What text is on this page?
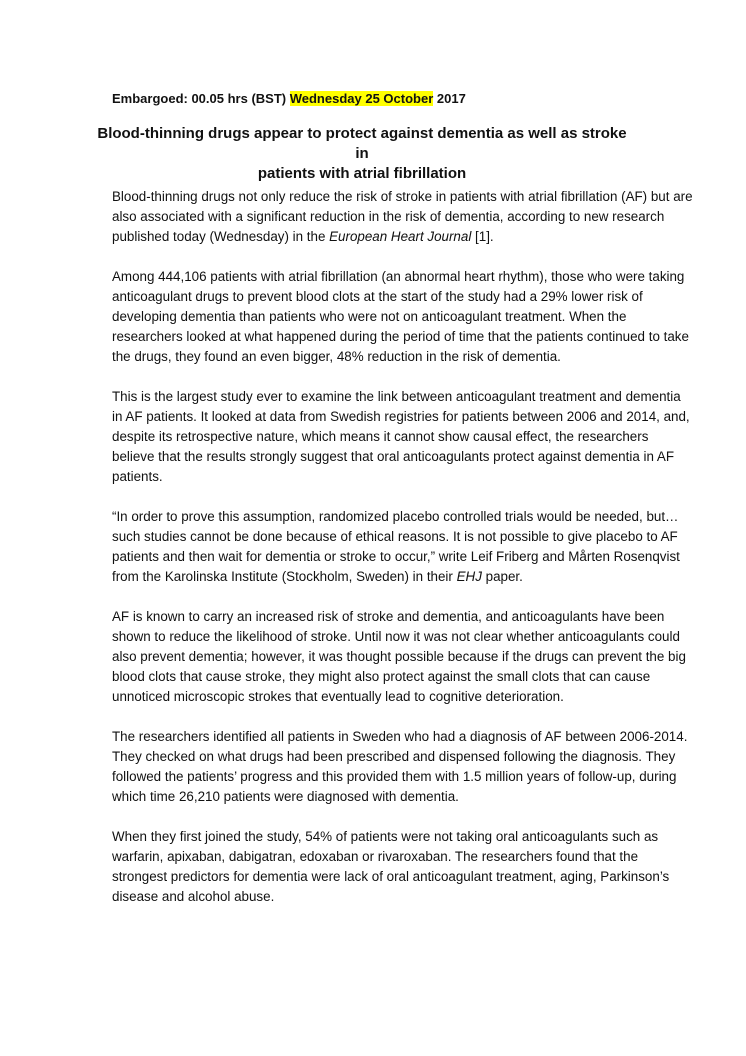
Embargoed: 00.05 hrs (BST) Wednesday 25 October 2017
Blood-thinning drugs appear to protect against dementia as well as stroke in
patients with atrial fibrillation
Blood-thinning drugs not only reduce the risk of stroke in patients with atrial fibrillation (AF) but are
also associated with a significant reduction in the risk of dementia, according to new research
published today (Wednesday) in the European Heart Journal [1].
Among 444,106 patients with atrial fibrillation (an abnormal heart rhythm), those who were taking
anticoagulant drugs to prevent blood clots at the start of the study had a 29% lower risk of
developing dementia than patients who were not on anticoagulant treatment. When the
researchers looked at what happened during the period of time that the patients continued to take
the drugs, they found an even bigger, 48% reduction in the risk of dementia.
This is the largest study ever to examine the link between anticoagulant treatment and dementia
in AF patients. It looked at data from Swedish registries for patients between 2006 and 2014, and,
despite its retrospective nature, which means it cannot show causal effect, the researchers
believe that the results strongly suggest that oral anticoagulants protect against dementia in AF
patients.
“In order to prove this assumption, randomized placebo controlled trials would be needed, but…
such studies cannot be done because of ethical reasons. It is not possible to give placebo to AF
patients and then wait for dementia or stroke to occur,” write Leif Friberg and Mårten Rosenqvist
from the Karolinska Institute (Stockholm, Sweden) in their EHJ paper.
AF is known to carry an increased risk of stroke and dementia, and anticoagulants have been
shown to reduce the likelihood of stroke. Until now it was not clear whether anticoagulants could
also prevent dementia; however, it was thought possible because if the drugs can prevent the big
blood clots that cause stroke, they might also protect against the small clots that can cause
unnoticed microscopic strokes that eventually lead to cognitive deterioration.
The researchers identified all patients in Sweden who had a diagnosis of AF between 2006-2014.
They checked on what drugs had been prescribed and dispensed following the diagnosis. They
followed the patients’ progress and this provided them with 1.5 million years of follow-up, during
which time 26,210 patients were diagnosed with dementia.
When they first joined the study, 54% of patients were not taking oral anticoagulants such as
warfarin, apixaban, dabigatran, edoxaban or rivaroxaban. The researchers found that the
strongest predictors for dementia were lack of oral anticoagulant treatment, aging, Parkinson’s
disease and alcohol abuse.
